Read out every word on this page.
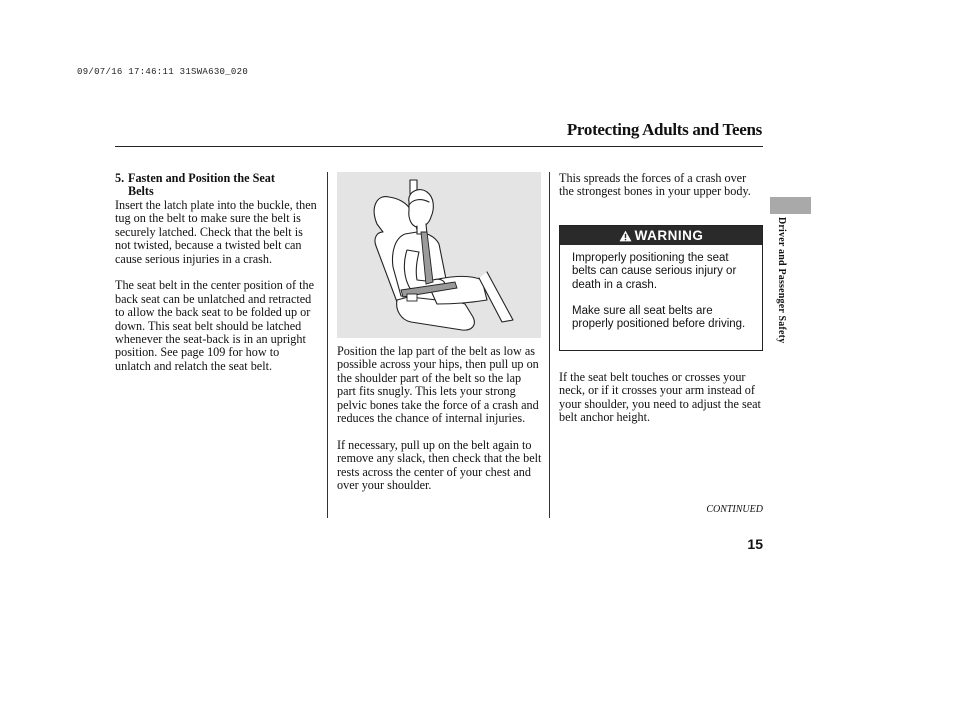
09/07/16 17:46:11 31SWA630_020
Protecting Adults and Teens
5. Fasten and Position the Seat
Belts

Insert the latch plate into the buckle, then tug on the belt to make sure the belt is securely latched. Check that the belt is not twisted, because a twisted belt can cause serious injuries in a crash.

The seat belt in the center position of the back seat can be unlatched and retracted to allow the back seat to be folded up or down. This seat belt should be latched whenever the seat-back is in an upright position. See page 109 for how to unlatch and relatch the seat belt.

Position the lap part of the belt as low as possible across your hips, then pull up on the shoulder part of the belt so the lap part fits snugly. This lets your strong pelvic bones take the force of a crash and reduces the chance of internal injuries.

If necessary, pull up on the belt again to remove any slack, then check that the belt rests across the center of your chest and over your shoulder.

This spreads the forces of a crash over the strongest bones in your upper body.
WARNING

Improperly positioning the seat belts can cause serious injury or death in a crash.

Make sure all seat belts are properly positioned before driving.

If the seat belt touches or crosses your neck, or if it crosses your arm instead of your shoulder, you need to adjust the seat belt anchor height.
Driver and Passenger Safety
CONTINUED
15
